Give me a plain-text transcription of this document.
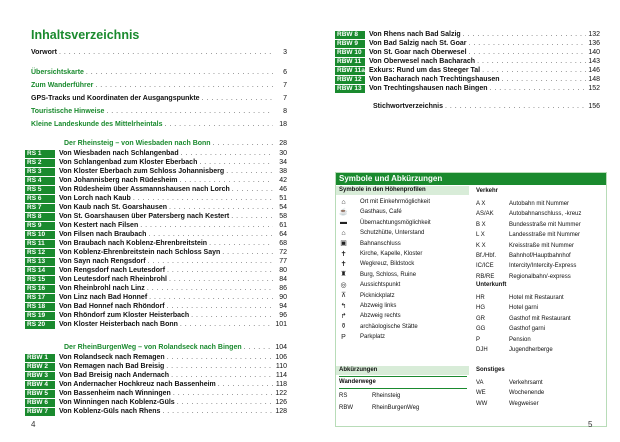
Inhaltsverzeichnis
Vorwort . . .	3
Übersichtskarte . . .	6
Zum Wanderführer . . .	7
GPS-Tracks und Koordinaten der Ausgangspunkte . . .	7
Touristische Hinweise . . .	8
Kleine Landeskunde des Mittelrheintals . . .	18
Der Rheinsteig – von Wiesbaden nach Bonn . . .	28
RS 1	Von Wiesbaden nach Schlangenbad . . .	30
RS 2	Von Schlangenbad zum Kloster Eberbach . . .	34
RS 3	Von Kloster Eberbach zum Schloss Johannisberg . . .	38
RS 4	Von Johannisberg nach Rüdesheim . . .	42
RS 5	Von Rüdesheim über Assmannshausen nach Lorch . . .	46
RS 6	Von Lorch nach Kaub . . .	51
RS 7	Von Kaub nach St. Goarshausen . . .	54
RS 8	Von St. Goarshausen über Patersberg nach Kestert . . .	58
RS 9	Von Kestert nach Filsen . . .	61
RS 10	Von Filsen nach Braubach . . .	64
RS 11	Von Braubach nach Koblenz-Ehrenbreitstein . . .	68
RS 12	Von Koblenz-Ehrenbreitstein nach Schloss Sayn . . .	72
RS 13	Von Sayn nach Rengsdorf . . .	77
RS 14	Von Rengsdorf nach Leutesdorf . . .	80
RS 15	Von Leutesdorf nach Rheinbrohl . . .	84
RS 16	Von Rheinbrohl nach Linz . . .	86
RS 17	Von Linz nach Bad Honnef . . .	90
RS 18	Von Bad Honnef nach Rhöndorf . . .	94
RS 19	Von Rhöndorf zum Kloster Heisterbach . . .	96
RS 20	Von Kloster Heisterbach nach Bonn . . .	101
Der RheinBurgenWeg – von Rolandseck nach Bingen . . .	104
RBW 1	Von Rolandseck nach Remagen . . .	106
RBW 2	Von Remagen nach Bad Breisig . . .	110
RBW 3	Von Bad Breisig nach Andernach . . .	114
RBW 4	Von Andernacher Hochkreuz nach Bassenheim . . .	118
RBW 5	Von Bassenheim nach Winningen . . .	122
RBW 6	Von Winningen nach Koblenz-Güls . . .	126
RBW 7	Von Koblenz-Güls nach Rhens . . .	128
4
RBW 8	Von Rhens nach Bad Salzig . . .	132
RBW 9	Von Bad Salzig nach St. Goar . . .	136
RBW 10	Von St. Goar nach Oberwesel . . .	140
RBW 11	Von Oberwesel nach Bacharach . . .	143
RBW 11a Exkurs: Rund um das Steeger Tal . . .	146
RBW 12	Von Bacharach nach Trechtingshausen . . .	148
RBW 13	Von Trechtingshausen nach Bingen . . .	152
Stichwortverzeichnis . . .	156
Symbole und Abkürzungen
Symbole in den Höhenprofilen
⌂	Ort mit Einkehrmöglichkeit
☕ Gasthaus, Café
▬ Übernachtungsmöglichkeit
⌂	Schutzhütte, Unterstand
▣ Bahnanschluss
✝ Kirche, Kapelle, Kloster
✝ Wegkreuz, Bildstock
♜ Burg, Schloss, Ruine
◎ Aussichtspunkt
⊼	Picknickplatz
↰ Abzweig links
↱ Abzweig rechts
⚱ archäologische Stätte
P	Parkplatz
Abkürzungen
Wanderwege
RS	Rheinsteig
RBW	RheinBurgenWeg
Verkehr
A X	Autobahn mit Nummer
AS/AK	Autobahnanschluss, -kreuz
B X	Bundesstraße mit Nummer
L X	Landesstraße mit Nummer
K X	Kreisstraße mit Nummer
Bf./Hbf.	Bahnhof/Hauptbahnhof
IC/ICE	Intercity/Intercity-Express
RB/RE	Regionalbahn/-express
Unterkunft
HR	Hotel mit Restaurant
HG	Hotel garni
GR	Gasthof mit Restaurant
GG	Gasthof garni
P	Pension
DJH	Jugendherberge
Sonstiges
VA	Verkehrsamt
WE	Wochenende
WW	Wegweiser
5
